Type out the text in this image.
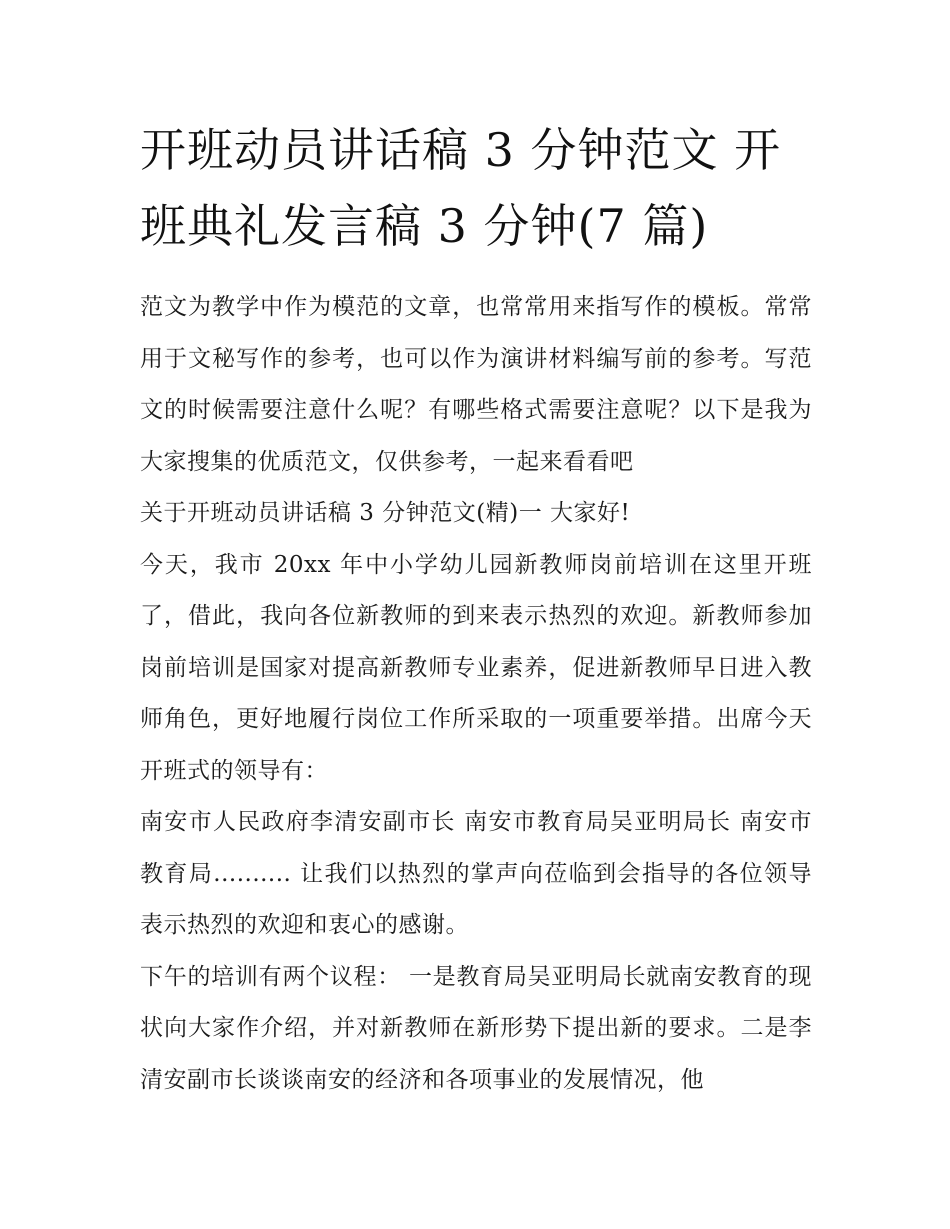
开班动员讲话稿 3 分钟范文 开班典礼发言稿 3 分钟(7 篇)

范文为教学中作为模范的文章，也常常用来指写作的模板。常常用于文秘写作的参考，也可以作为演讲材料编写前的参考。写范文的时候需要注意什么呢？有哪些格式需要注意呢？以下是我为大家搜集的优质范文，仅供参考，一起来看看吧

关于开班动员讲话稿 3 分钟范文(精)一 大家好!

今天，我市 20xx 年中小学幼儿园新教师岗前培训在这里开班了，借此，我向各位新教师的到来表示热烈的欢迎。新教师参加岗前培训是国家对提高新教师专业素养，促进新教师早日进入教师角色，更好地履行岗位工作所采取的一项重要举措。出席今天开班式的领导有：

南安市人民政府李清安副市长 南安市教育局吴亚明局长 南安市教育局.......... 让我们以热烈的掌声向莅临到会指导的各位领导表示热烈的欢迎和衷心的感谢。

下午的培训有两个议程： 一是教育局吴亚明局长就南安教育的现状向大家作介绍，并对新教师在新形势下提出新的要求。二是李清安副市长谈谈南安的经济和各项事业的发展情况，他
